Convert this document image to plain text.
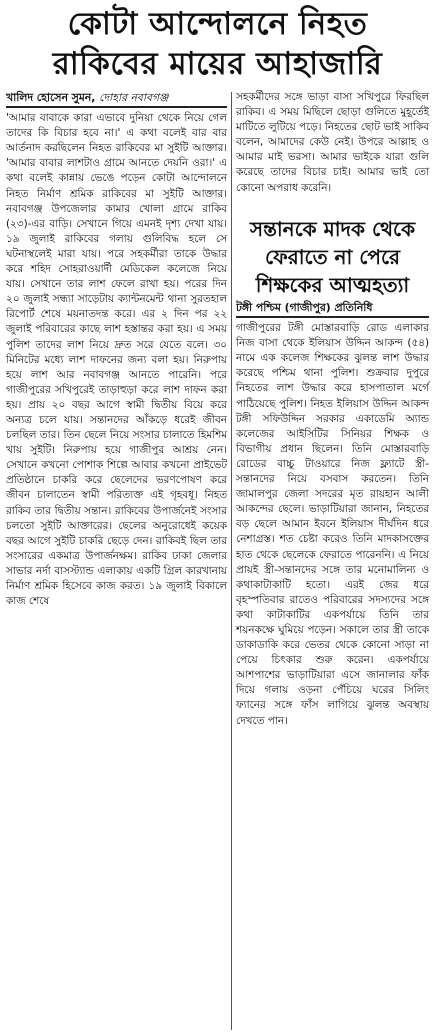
কোটা আন্দোলনে নিহত
রাকিবের মায়ের আহাজারি
খালিদ হোসেন সুমন, দোহার নবাবগঞ্জ

'আমার বাবাকে কারা এভাবে দুনিয়া থেকে নিয়ে গেল তাদের কি বিচার হবে না।' এ কথা বলেই বার বার আর্তনাদ করছিলেন নিহত রাকিবের মা সুইটি আক্তার। 'আমার বাবার লাশটাও গ্রামে আনতে দেয়নি ওরা।' এ কথা বলেই কান্নায় ভেঙে পড়েন কোটা আন্দোলনে নিহত নির্মাণ শ্রমিক রাকিবের মা সুইটি আক্তার। নবাবগঞ্জ উপজেলার কামার খোলা গ্রামে রাকিব (২৩)-এর বাড়ি। সেখানে গিয়ে এমনই দৃশ্য দেখা যায়। ১৯ জুলাই রাকিবের গলায় গুলিবিদ্ধ হলে সে ঘটনাস্থলেই মারা যায়। পরে সহকর্মীরা তাকে উদ্ধার করে শহিদ সোহরাওয়ার্দী মেডিকেল কলেজে নিয়ে যায়। সেখানে তার লাশ ফেলে রাখা হয়। পরের দিন ২০ জুলাই সন্ধ্যা সাড়েটায় ক্যান্টনমেন্ট থানা সুরতহাল রিপোর্ট শেষে ময়নাতদন্ত করে। এর ২ দিন পর ২২ জুলাই পরিবারের কাছে লাশ হস্তান্তর করা হয়। এ সময় পুলিশ তাদের লাশ নিয়ে দ্রুত সরে যেতে বলে। ৩০ মিনিটের মধ্যে লাশ দাফনের জন্য বলা হয়। নিরুপায় হয়ে লাশ আর নবাবগঞ্জ আনতে পারেনি। পরে গাজীপুরের সখিপুরেই তাড়াহুড়া করে লাশ দাফন করা হয়। প্রায় ২০ বছর আগে স্বামী দ্বিতীয় বিয়ে করে অন্যত্র চলে যায়। সন্তানদের আঁকড়ে ধরেই জীবন চলছিল তার। তিন ছেলে নিয়ে সংসার চালাতে হিমশিম খায় সুইটি। নিরুপায় হয়ে গাজীপুর আশ্রয় নেন। সেখানে কখনো পোশাক শিল্পে আবার কখনো প্রাইভেট প্রতিষ্ঠানে চাকরি করে ছেলেদের ভরণপোষণ করে জীবন চালাতেন স্বামী পরিত্যক্ত এই গৃহবধূ। নিহত রাকিব তার দ্বিতীয় সন্তান। রাকিবের উপার্জনেই সংসার চলতো সুইটি আক্তারের। ছেলের অনুরোধেই কয়েক বছর আগে সুইটি চাকরি ছেড়ে দেন। রাকিবই ছিল তার সংসারের একমাত্র উপার্জনক্ষম। রাকিব ঢাকা জেলার সাভার নর্দা বাসস্ট্যান্ড এলাকায় একটি গ্রিল কারখানায় নির্মাণ শ্রমিক হিসেবে কাজ করত। ১৯ জুলাই বিকালে কাজ শেষে

সহকর্মীদের সঙ্গে ভাড়া বাসা সখিপুরে ফিরছিল রাকিব। এ সময় মিছিলে ছোড়া গুলিতে মুহূর্তেই মাটিতে লুটিয়ে পড়ে। নিহতের ছোট ভাই সাকিব বলেন, আমাদের কেউ নেই। উপরে আল্লাহ ও আমার মাই ভরসা। আমার ভাইকে যারা গুলি করেছে তাদের বিচার চাই। আমার ভাই তো কোনো অপরাধ করেনি।

সন্তানকে মাদক থেকে ফেরাতে না পেরে শিক্ষকের আত্মহত্যা
টঙ্গী পশ্চিম (গাজীপুর) প্রতিনিধি

গাজীপুরের টঙ্গী মোস্তারবাড়ি রোড এলাকার নিজ বাসা থেকে ইলিয়াস উদ্দিন আকন্দ (৫৪) নামে এক কলেজ শিক্ষকের ঝুলন্ত লাশ উদ্ধার করেছে পশ্চিম থানা পুলিশ। শুক্রবার দুপুরে নিহতের লাশ উদ্ধার করে হাসপাতাল মর্গে পাঠিয়েছে পুলিশ। নিহত ইলিয়াস উদ্দিন আকন্দ টঙ্গী সফিউদ্দিন সরকার একাডেমি অ্যান্ড কলেজের আইসিটির সিনিয়র শিক্ষক ও বিভাগীয় প্রধান ছিলেন। তিনি মোস্তারবাড়ি রোডের বাচ্চু টাওয়ারে নিজ ফ্ল্যাটে স্ত্রী-সন্তানদের নিয়ে বসবাস করতেন। তিনি জামালপুর জেলা সদরের মৃত রায়হান আলী আকন্দের ছেলে। ভাড়াটিয়ারা জানান, নিহতের বড় ছেলে আমান ইবনে ইলিয়াস দীর্ঘদিন ধরে নেশাগ্রস্ত। শত চেষ্টা করেও তিনি মাদকাসক্তের হাত থেকে ছেলেকে ফেরাতে পারেননি। এ নিয়ে প্রায়ই স্ত্রী-সন্তানদের সঙ্গে তার মনোমালিন্য ও কথাকাটাকাটি হতো। এরই জের ধরে বৃহস্পতিবার রাতেও পরিবারের সদস্যদের সঙ্গে কথা কাটাকাটির একপর্যায়ে তিনি তার শয়নকক্ষে ঘুমিয়ে পড়েন। সকালে তার স্ত্রী তাকে ডাকাডাকি করে ভেতর থেকে কোনো সাড়া না পেয়ে চিৎকার শুরু করেন। একপর্যায়ে আশপাশের ভাড়াটিয়ারা এসে জানালার ফাঁক দিয়ে গলায় ওড়না পেঁচিয়ে ঘরের সিলিং ফ্যানের সঙ্গে ফাঁস লাগিয়ে ঝুলন্ত অবস্থায় দেখতে পান।
